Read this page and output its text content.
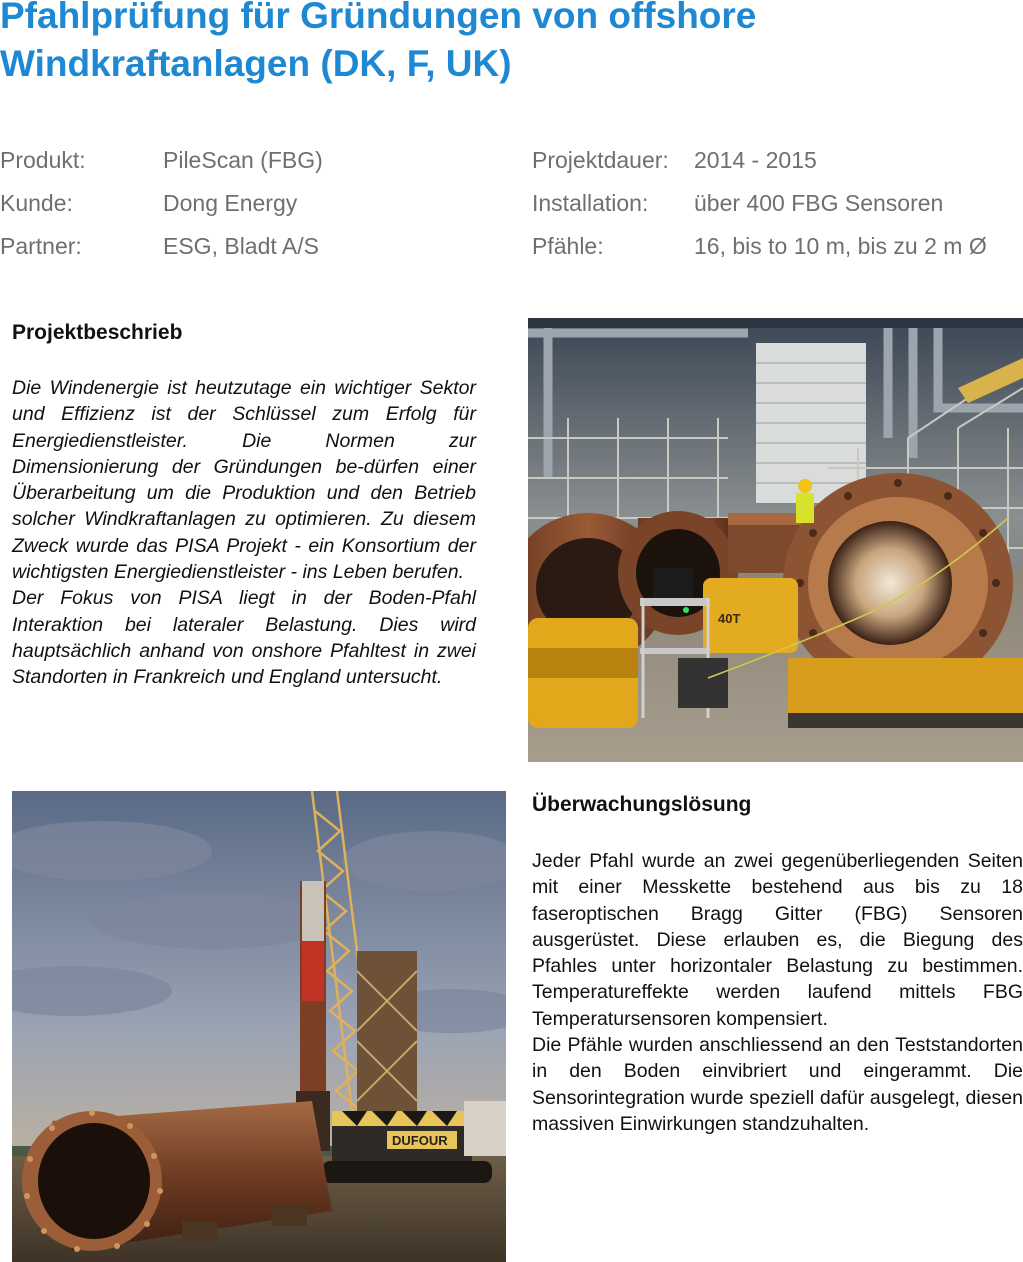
Pfahlprüfung für Gründungen von offshore Windkraftanlagen (DK, F, UK)
Produkt:	PileScan (FBG)
Kunde:	Dong Energy
Partner:	ESG, Bladt A/S
Projektdauer:	2014 - 2015
Installation:	über 400 FBG Sensoren
Pfähle:	16, bis to 10 m, bis zu 2 m Ø
Projektbeschrieb

Die Windenergie ist heutzutage ein wichtiger Sektor und Effizienz ist der Schlüssel zum Erfolg für Energiedienstleister. Die Normen zur Dimensionierung der Gründungen be-dürfen einer Überarbeitung um die Produktion und den Betrieb solcher Windkraftanlagen zu optimieren. Zu diesem Zweck wurde das PISA Projekt - ein Konsortium der wichtigsten Energiedienstleister - ins Leben berufen.

Der Fokus von PISA liegt in der Boden-Pfahl Interaktion bei lateraler Belastung. Dies wird hauptsächlich anhand von onshore Pfahltest in zwei Standorten in Frankreich und England untersucht.

40T
DUFOUR
Überwachungslösung

Jeder Pfahl wurde an zwei gegenüberliegenden Seiten mit einer Messkette bestehend aus bis zu 18 faseroptischen Bragg Gitter (FBG) Sensoren ausgerüstet. Diese erlauben es, die Biegung des Pfahles unter horizontaler Belastung zu bestimmen. Temperatureffekte werden laufend mittels FBG Temperatursensoren kompensiert.

Die Pfähle wurden anschliessend an den Teststandorten in den Boden einvibriert und eingerammt. Die Sensorintegration wurde speziell dafür ausgelegt, diesen massiven Einwirkungen standzuhalten.
